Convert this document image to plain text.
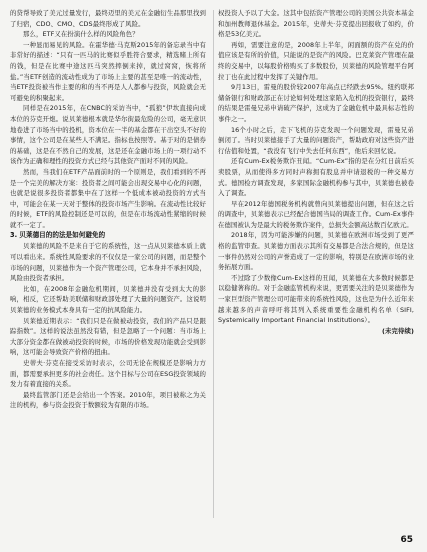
的贷帮导致了美元过量发行，最终迈里的美元在金融衍生品那里找到了归宿，CDO、CMO、CDS最终形成了风险。

那么，ETF又在扮演什么样的风险角色？

一种显而易见的风险。在霍华德·马克斯2015年的备忘录当中有非常好的描述：“只有一匹马的比赛似乎胜符合要求，精选赌上所有的钱，但是在比赛中途这匹马突然摔倒来掉，就过窝窝，恢将所盐。”当ETF创造的流动性成为了市场上主要的甚至是唯一的流动性，当ETF投资被当作主要的和的当不再是人人都参与投资，风险就会无可避免的积聚起来。

同样是在2015年，在CNBC的采访当中，“孤狼”伊坎直接向成本位的芬克开炮。说贝莱德根本就是华尔街最危险的公司，毫无意识地卷进了市场当中的投机，资本位在一半的基金都在干出空头不好的事情，这个公司是在某些人不满足。指标也按照等。基于对的是债券的基础，这是在不然自己的发展，这是还在金融市场上的一项行动不该作为正确和理性的投资方式已经与其他资产面对不同的风险。

然而，当我们在ETF产品面前时的一个原则是，我们看到的不再是一个完美的解决方案：投资者之间可能会出现交易中心化的问题，也就是说很多投资者都集中在了这样一个低成本被动投资的方式当中，可能会在某一天对于整体的投资市场产生影响。在流动性比较好的时候，ETF的风险控制还是可以的，但是在市场流动性紧缩的时候就不一定了。

3. 贝莱德目的的法是如何避免的

贝莱德的风险不是来自于它的系统性，这一点从贝莱德本质上就可以看出来。系统性风险要求的不仅仅是一家公司的问题，而是整个市场的问题，贝莱德作为一个资产管理公司，它本身并不承担风险，风险由投资者承担。

比如，在2008年金融危机期间，贝莱德并没有受到太大的影响，相反，它还帮助美联储和财政部处理了大量的问题资产。这说明贝莱德的业务模式本身具有一定的抗风险能力。

贝莱德近期表示：“我们只是在做被动投资，我们的产品只是跟踪指数”。这样的说法虽然没有错，但是忽略了一个问题：当市场上大部分资金都在做被动投资的时候，市场的价格发现功能就会受到影响，这可能会导致资产价格的扭曲。

史蒂夫·芬克在接受采访时表示，公司无论在规模还是影响力方面，都需要承担更多的社会责任。这个目标与公司在ESG投资领域的发力有着直接的关系。

最终监管部门还是会给出一个答案。2010年，项目被称之为关注的机构，参与资金投资于数额较为有限的市场。

权投资人予以了大金。这其中包括资产管理公司的美国公共资本基金和加州教师退休基金。2015年，史蒂夫·芬克提出回报收了如约，价格是53亿美元。

再如，需要注意的是，2008年上半年，闲面额的资产在兑的价值应该是有所的价值，只能说的是资产的风险。巴克莱资产管理在最终的交易中，以每股价格购买了多数股份，贝莱德的风险管理平台阿拉丁也在此过程中发挥了关键作用。

9月13日，雷曼的股价较2007年高点已经跌去95%。纽约联邦储备银行和财政部正在讨论如何处理这家陷入危机的投资银行，最终的结果是雷曼兄弟申请破产保护，这成为了金融危机中最具标志性的事件之一。

16个小时之后，走下飞机的芬克发现一个问题发现，雷曼兄弟倒闭了。当时贝莱德接手了大量的问题资产，帮助政府对这些资产进行估值和处置，“我没有飞行中失去任何东西”，他后来回忆说。

还有Cum-Ex税务欺诈丑闻。“Cum-Ex”指的是在分红日前后买卖股票，从而使得多方同时声称拥有股息并申请退税的一种交易方式。德国检方调查发现，多家国际金融机构参与其中，贝莱德也被卷入了调查。

早在2012年德国税务机构就曾向贝莱德提出问题，但在这之后的调查中，贝莱德表示已经配合德国当局的调查工作。Cum-Ex事件在德国被认为是最大的税务欺诈案件，总损失金额高达数百亿欧元。

2018年，因为可能涉嫌的问题，贝莱德在欧洲市场受到了更严格的监管审查。贝莱德方面表示其所有交易都是合法合规的，但是这一事件仍然对公司的声誉造成了一定的影响，特别是在欧洲市场的业务拓展方面。

不过除了少数像Cum-Ex这样的丑闻，贝莱德在大多数时候都是以稳健著称的。对于金融监管机构来说，更需要关注的是贝莱德作为一家巨型资产管理公司可能带来的系统性风险，这也是为什么近年来越来越多的声音呼吁将其列入系统重要性金融机构名单（SIFI, Systemically Important Financial Institutions）。
(未完待续)

65
